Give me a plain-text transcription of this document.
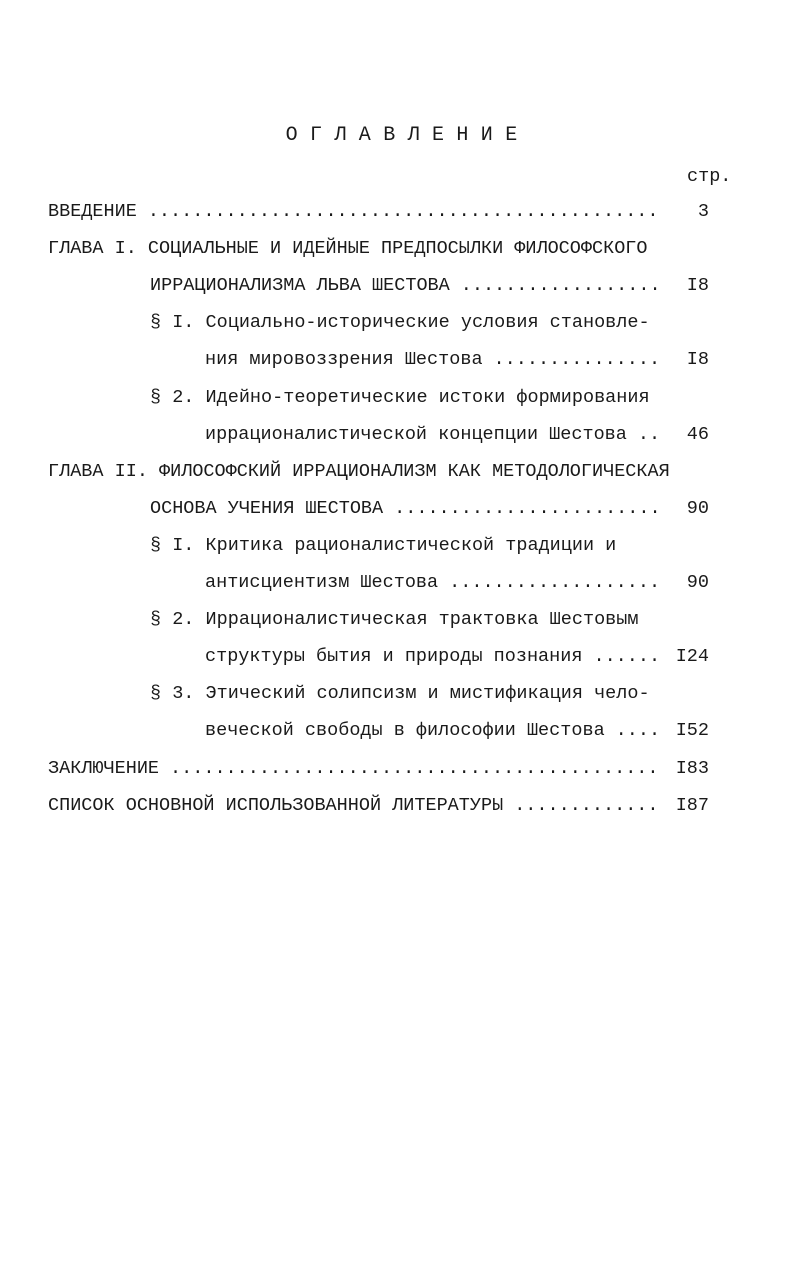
О Г Л А В Л Е Н И Е
стр.
ВВЕДЕНИЕ .....	3
ГЛАВА I. СОЦИАЛЬНЫЕ И ИДЕЙНЫЕ ПРЕДПОСЫЛКИ ФИЛОСОФСКОГО
ИРРАЦИОНАЛИЗМА ЛЬВА ШЕСТОВА .....	I8
§ I. Социально-исторические условия становле-
ния мировоззрения Шестова .....	I8
§ 2. Идейно-теоретические истоки формирования
иррационалистической концепции Шестова .....	46
ГЛАВА II. ФИЛОСОФСКИЙ ИРРАЦИОНАЛИЗМ КАК МЕТОДОЛОГИЧЕСКАЯ
ОСНОВА УЧЕНИЯ ШЕСТОВА .....	90
§ I. Критика рационалистической традиции и
антисциентизм Шестова .....	90
§ 2. Иррационалистическая трактовка Шестовым
структуры бытия и природы познания .....	I24
§ 3. Этический солипсизм и мистификация чело-
веческой свободы в философии Шестова .....	I52
ЗАКЛЮЧЕНИЕ .....	I83
СПИСОК ОСНОВНОЙ ИСПОЛЬЗОВАННОЙ ЛИТЕРАТУРЫ .....	I87
